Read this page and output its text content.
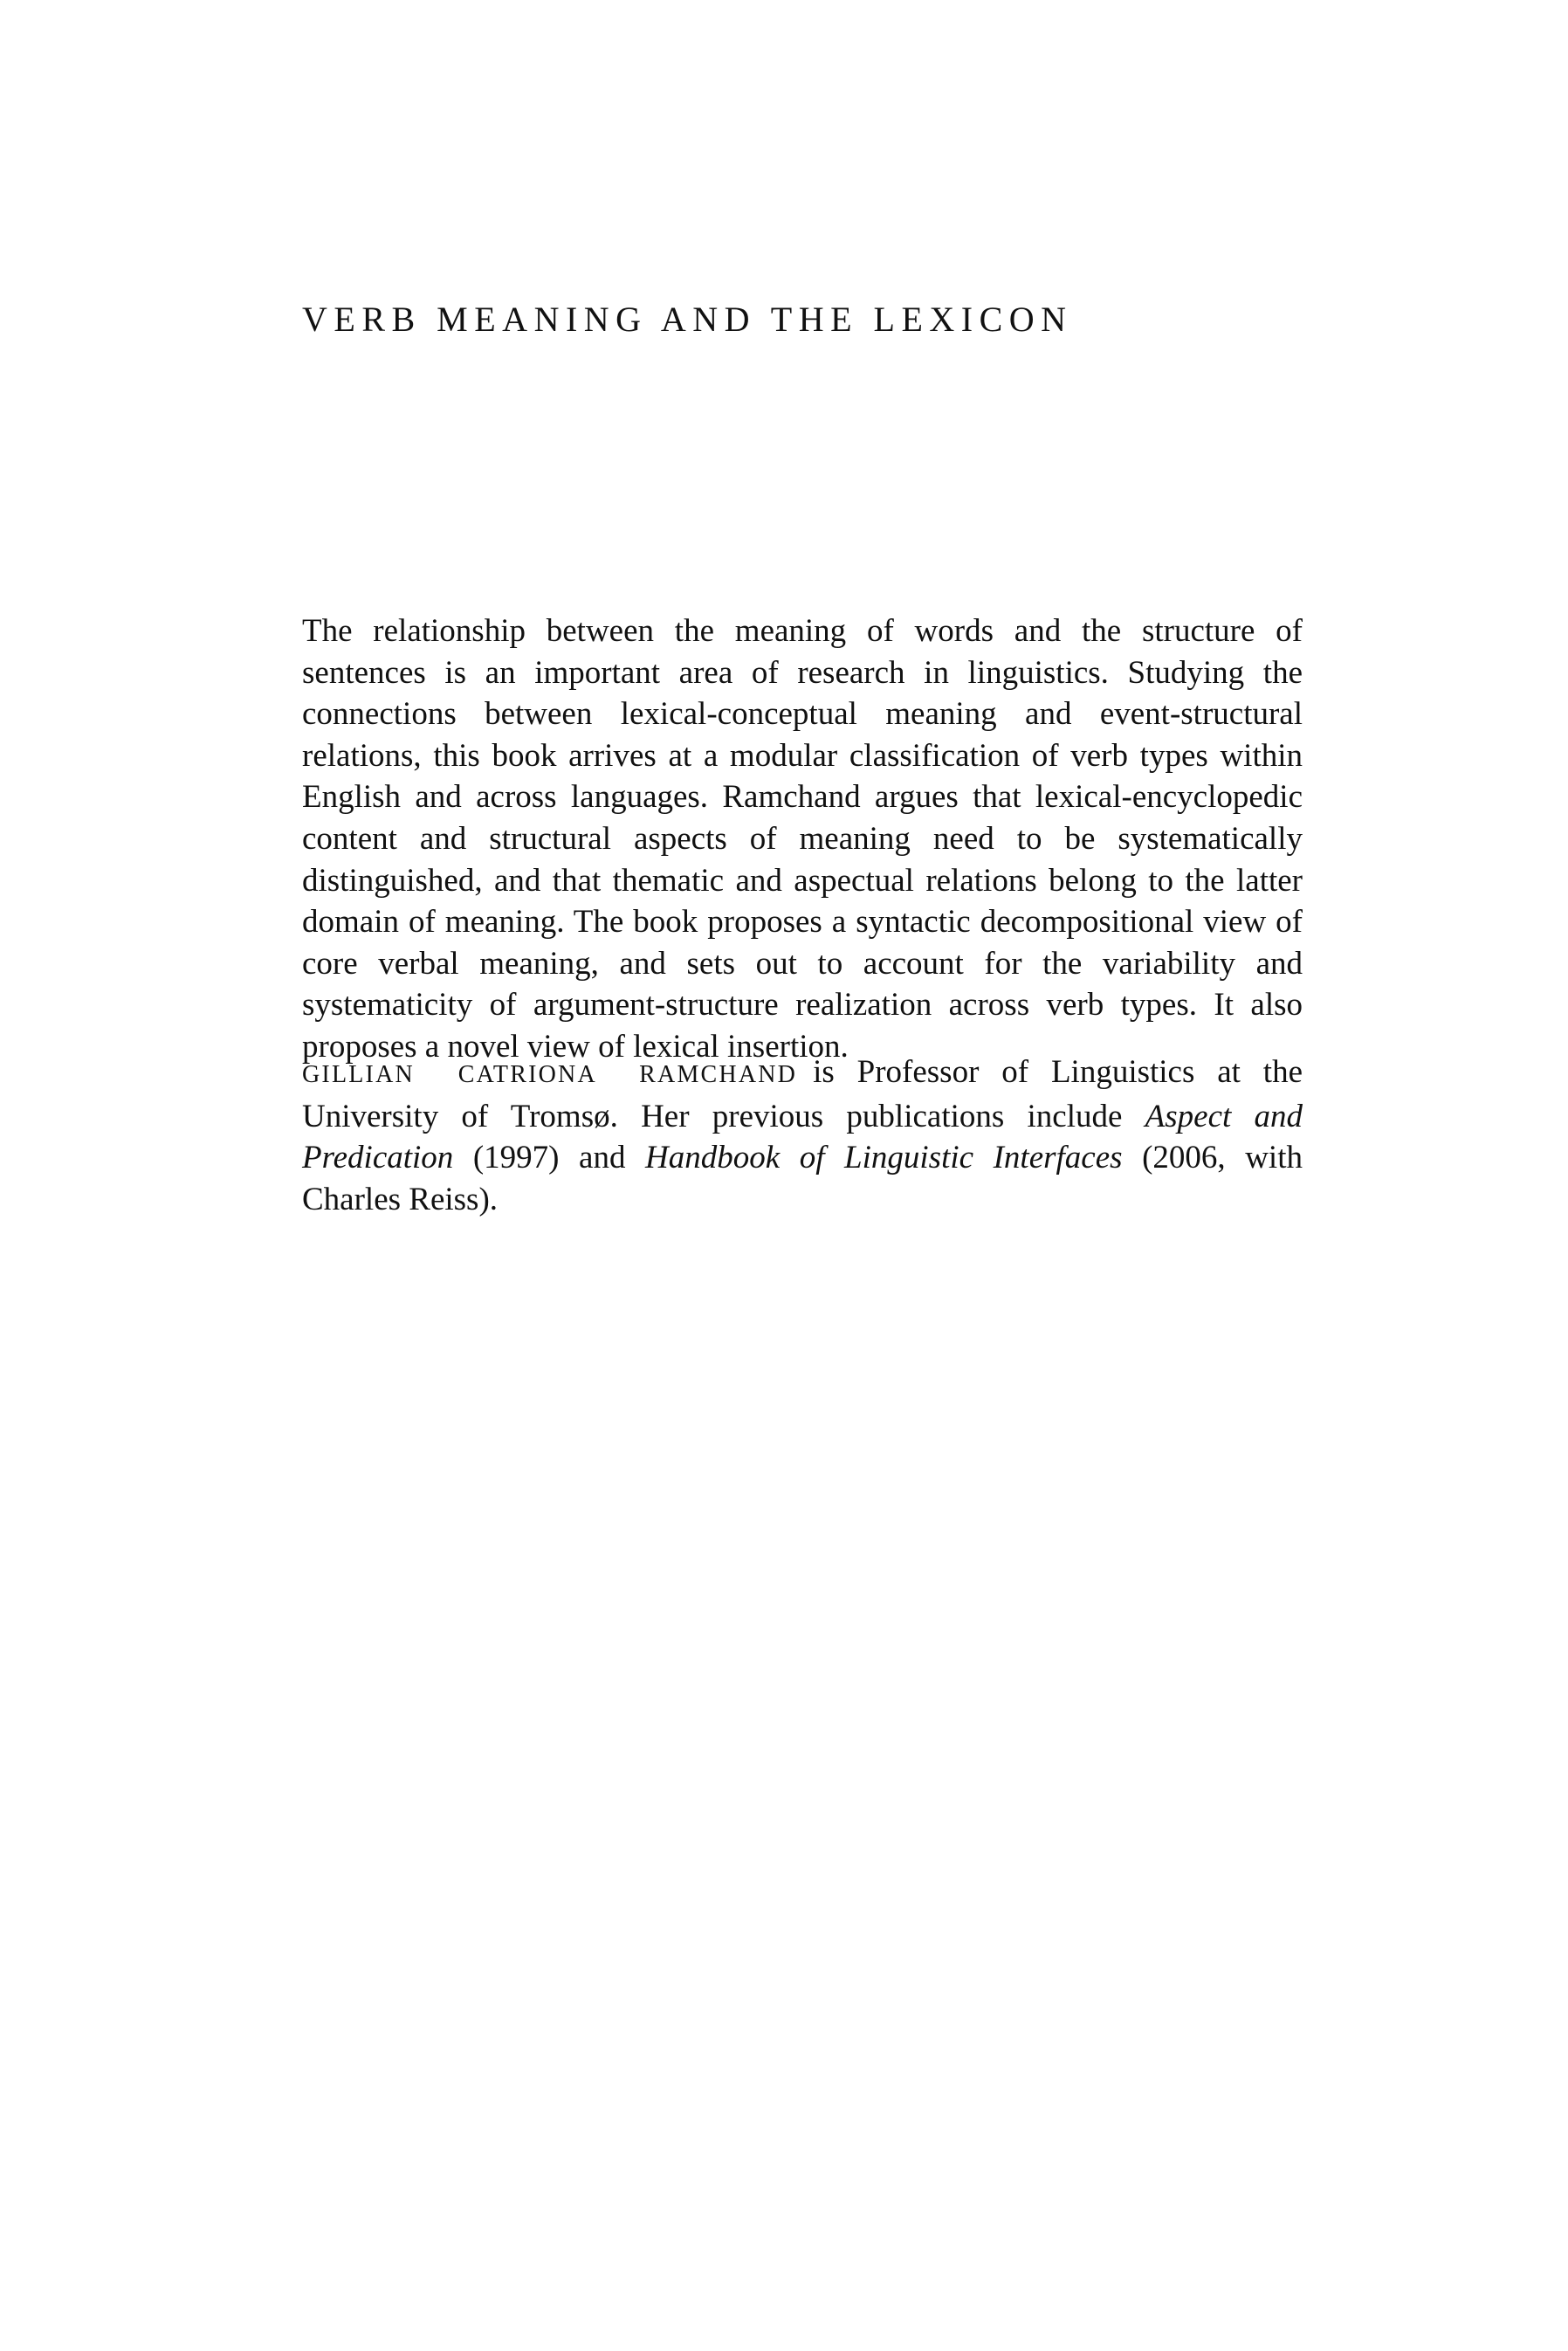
VERB MEANING AND THE LEXICON

The relationship between the meaning of words and the structure of sentences is an important area of research in linguistics. Studying the connections between lexical-conceptual meaning and event-structural relations, this book arrives at a modular classification of verb types within English and across languages. Ramchand argues that lexical-encyclopedic content and structural aspects of meaning need to be systematically distinguished, and that thematic and aspectual relations belong to the latter domain of meaning. The book proposes a syntactic decompositional view of core verbal meaning, and sets out to account for the variability and systematicity of argument-structure realization across verb types. It also proposes a novel view of lexical insertion.

GILLIAN CATRIONA RAMCHAND is Professor of Linguistics at the University of Tromsø. Her previous publications include Aspect and Predication (1997) and Handbook of Linguistic Interfaces (2006, with Charles Reiss).
